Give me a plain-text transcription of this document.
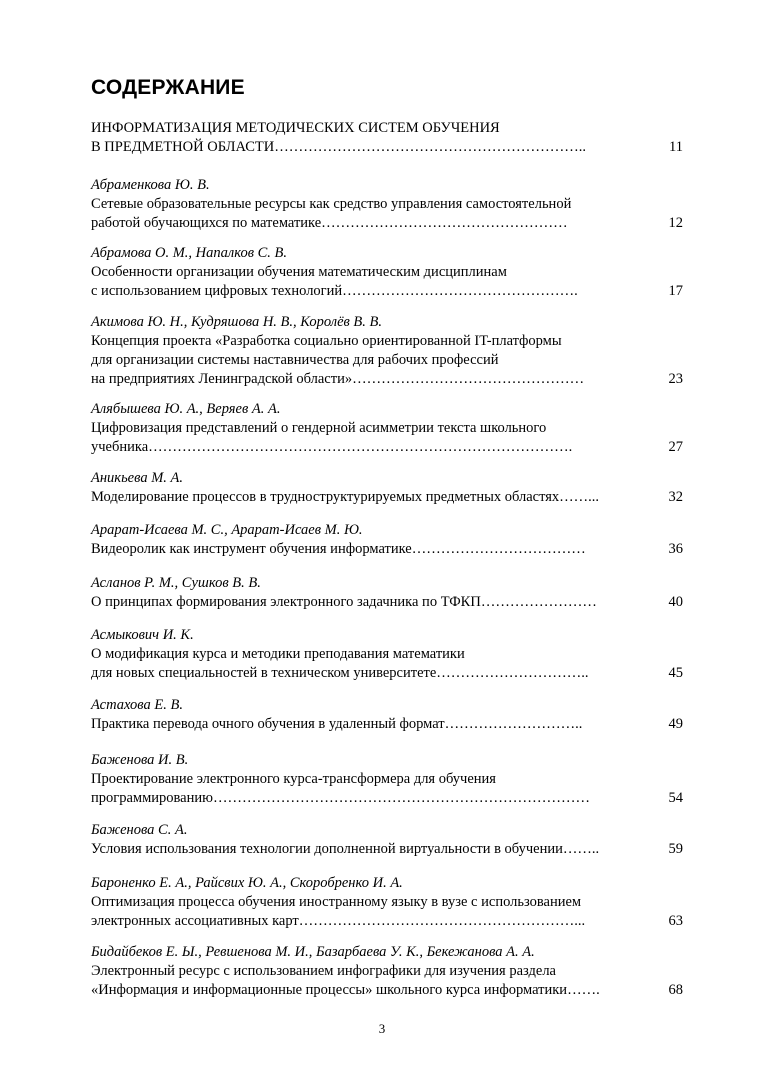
СОДЕРЖАНИЕ
ИНФОРМАТИЗАЦИЯ МЕТОДИЧЕСКИХ СИСТЕМ ОБУЧЕНИЯ
В ПРЕДМЕТНОЙ ОБЛАСТИ………………………………………………………..	11
Абраменкова Ю. В.
Сетевые образовательные ресурсы как средство управления самостоятельной
работой обучающихся по математике……………………………………………	12
Абрамова О. М., Напалков С. В.
Особенности организации обучения математическим дисциплинам
с использованием цифровых технологий………………………………………….	17
Акимова Ю. Н., Кудряшова Н. В., Королёв В. В.
Концепция проекта «Разработка социально ориентированной IT-платформы
для организации системы наставничества для рабочих профессий
на предприятиях Ленинградской области»…………………………………………	23
Алябышева Ю. А., Веряев А. А.
Цифровизация представлений о гендерной асимметрии текста школьного
учебника…………………………………………………………………………….	27
Аникьева М. А.
Моделирование процессов в трудноструктурируемых предметных областях……...	32
Арарат-Исаева М. С., Арарат-Исаев М. Ю.
Видеоролик как инструмент обучения информатике………………………………	36
Асланов Р. М., Сушков В. В.
О принципах формирования электронного задачника по ТФКП……………………	40
Асмыкович И. К.
О модификация курса и методики преподавания математики
для новых специальностей в техническом университете…………………………..	45
Астахова Е. В.
Практика перевода очного обучения в удаленный формат………………………..	49
Баженова И. В.
Проектирование электронного курса-трансформера для обучения
программированию……………………………………………………………………	54
Баженова С. А.
Условия использования технологии дополненной виртуальности в обучении……..	59
Бароненко Е. А., Райсвих Ю. А., Скоробренко И. А.
Оптимизация процесса обучения иностранному языку в вузе с использованием
электронных ассоциативных карт…………………………………………………...	63
Бидайбеков Е. Ы., Ревшенова М. И., Базарбаева У. К., Бекежанова А. А.
Электронный ресурс с использованием инфографики для изучения раздела
«Информация и информационные процессы» школьного курса информатики…….	68
3
